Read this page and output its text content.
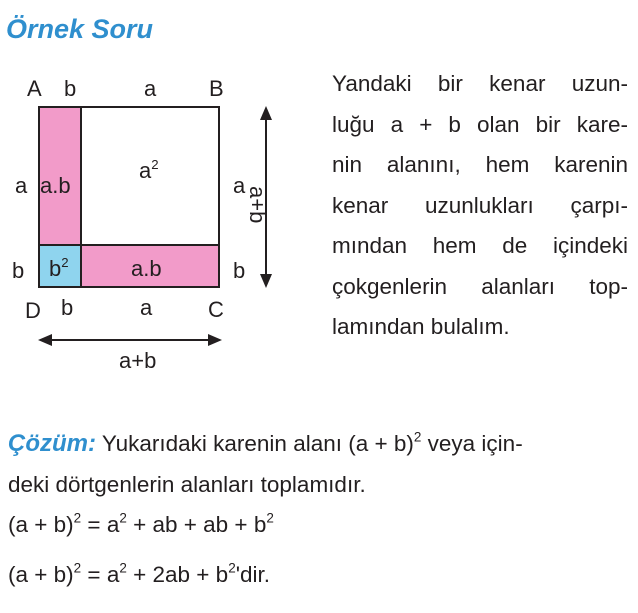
Örnek Soru
A b	a B
a
b
a
b
D b	a	C
$a^2$
a.b
$b^2$	a.b
a+b
a+b
Yandaki bir kenar uzun-
luğu a + b olan bir kare-
nin alanını, hem karenin
kenar uzunlukları çarpı-
mından hem de içindeki
çokgenlerin alanları top-
lamından bulalım.
Çözüm: Yukarıdaki karenin alanı $(a + b)^2$ veya için-
deki dörtgenlerin alanları toplamıdır.
$(a + b)^2 = a^2$ + ab + ab + $b^2$
$(a + b)^2 = a^2 + 2ab + b^2'dir$.
